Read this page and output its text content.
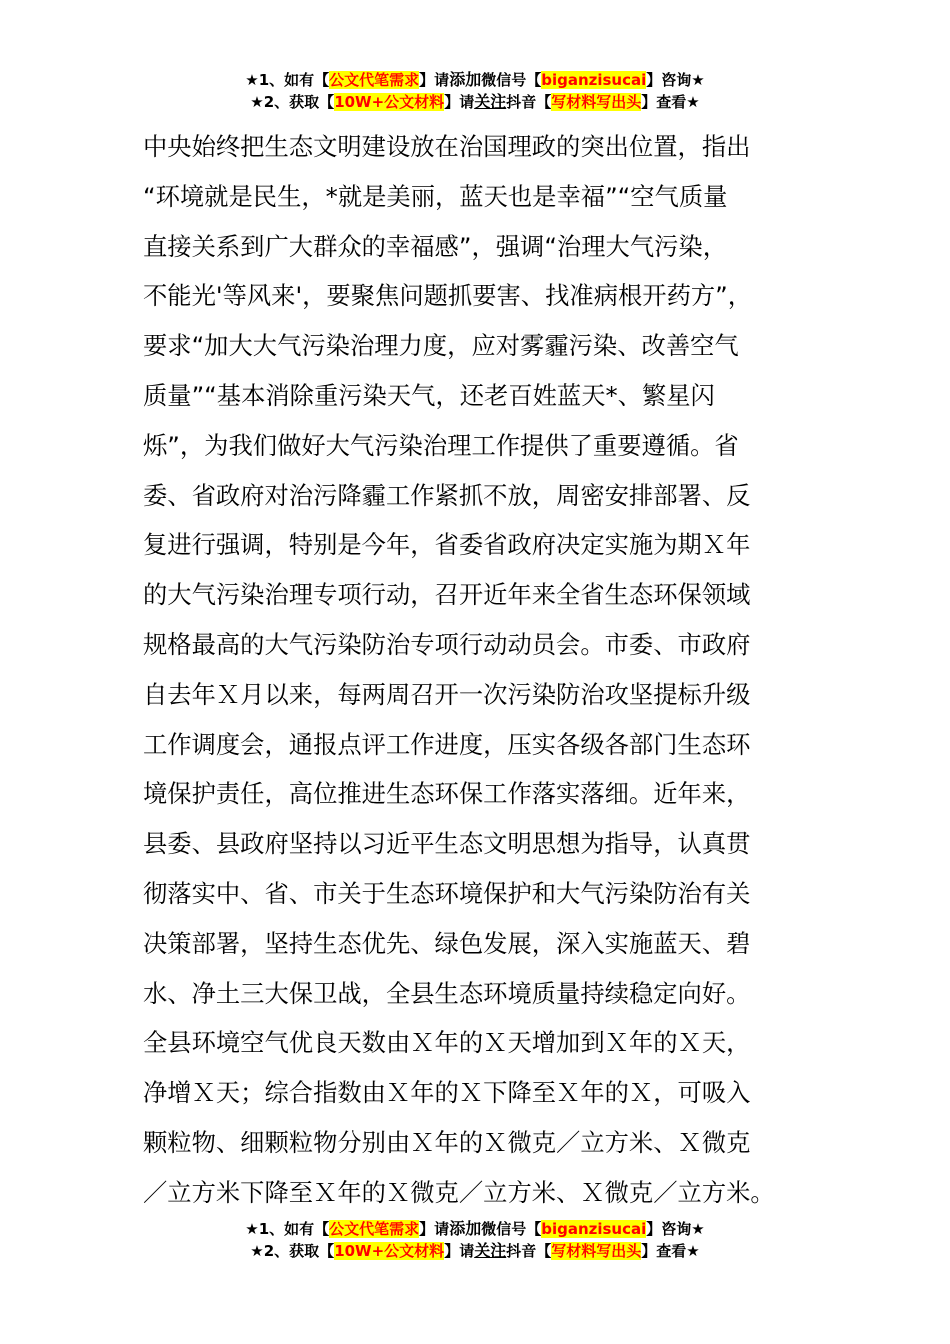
★1、如有【公文代笔需求】请添加微信号【biganzisucai】咨询★
★2、获取【10W+公文材料】请关注抖音【写材料写出头】查看★
中央始终把生态文明建设放在治国理政的突出位置，指出
“环境就是民生，*就是美丽，蓝天也是幸福”“空气质量
直接关系到广大群众的幸福感”，强调“治理大气污染，
不能光'等风来'，要聚焦问题抓要害、找准病根开药方”，
要求“加大大气污染治理力度，应对雾霾污染、改善空气
质量”“基本消除重污染天气，还老百姓蓝天*、繁星闪
烁”，为我们做好大气污染治理工作提供了重要遵循。省
委、省政府对治污降霾工作紧抓不放，周密安排部署、反
复进行强调，特别是今年，省委省政府决定实施为期Ｘ年
的大气污染治理专项行动，召开近年来全省生态环保领域
规格最高的大气污染防治专项行动动员会。市委、市政府
自去年Ｘ月以来，每两周召开一次污染防治攻坚提标升级
工作调度会，通报点评工作进度，压实各级各部门生态环
境保护责任，高位推进生态环保工作落实落细。近年来，
县委、县政府坚持以习近平生态文明思想为指导，认真贯
彻落实中、省、市关于生态环境保护和大气污染防治有关
决策部署，坚持生态优先、绿色发展，深入实施蓝天、碧
水、净土三大保卫战，全县生态环境质量持续稳定向好。
全县环境空气优良天数由Ｘ年的Ｘ天增加到Ｘ年的Ｘ天，
净增Ｘ天；综合指数由Ｘ年的Ｘ下降至Ｘ年的Ｘ，可吸入
颗粒物、细颗粒物分别由Ｘ年的Ｘ微克／立方米、Ｘ微克
／立方米下降至Ｘ年的Ｘ微克／立方米、Ｘ微克／立方米。
★1、如有【公文代笔需求】请添加微信号【biganzisucai】咨询★
★2、获取【10W+公文材料】请关注抖音【写材料写出头】查看★
